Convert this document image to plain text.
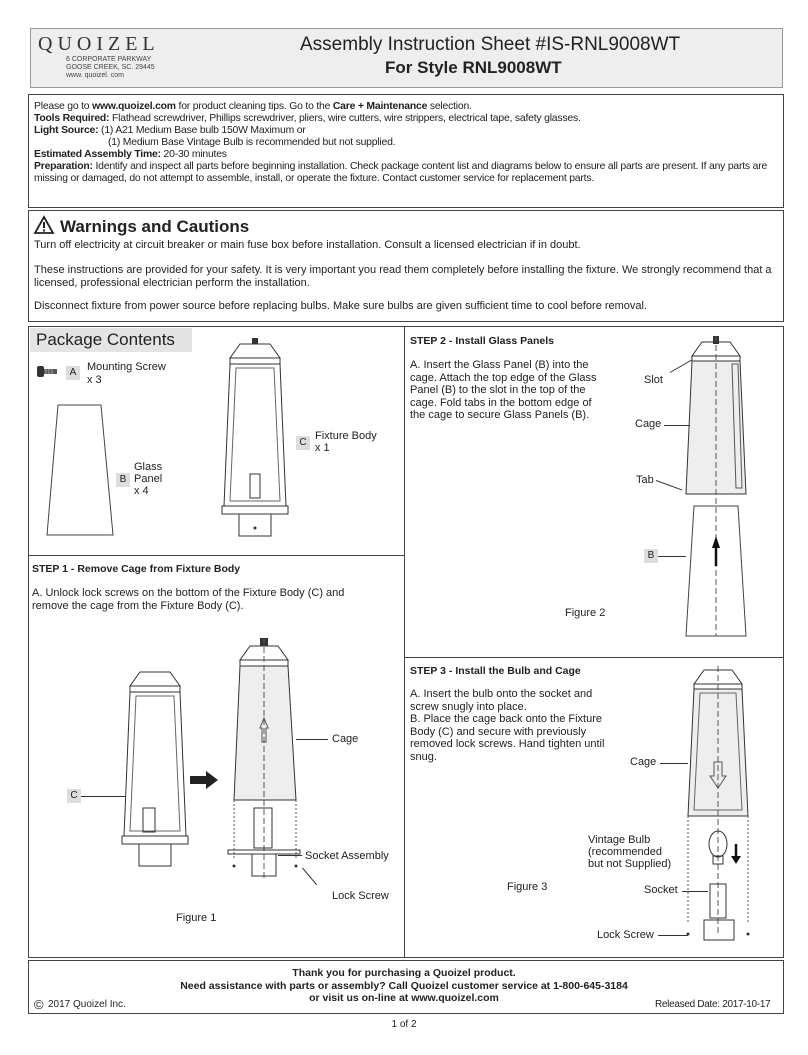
QUOIZEL
6 CORPORATE PARKWAY
GOOSE CREEK, SC. 29445
www. quoizel. com
Assembly Instruction Sheet #IS-RNL9008WT
For Style RNL9008WT
Please go to www.quoizel.com for product cleaning tips. Go to the Care + Maintenance selection.
Tools Required: Flathead screwdriver, Phillips screwdriver, pliers, wire cutters, wire strippers, electrical tape, safety glasses.
Light Source: (1) A21 Medium Base bulb 150W Maximum or
(1) Medium Base Vintage Bulb is recommended but not supplied.
Estimated Assembly Time: 20-30 minutes
Preparation: Identify and inspect all parts before beginning installation. Check package content list and diagrams below to ensure all parts are present. If any parts are missing or damaged, do not attempt to assemble, install, or operate the fixture. Contact customer service for replacement parts.
Warnings and Cautions
Turn off electricity at circuit breaker or main fuse box before installation. Consult a licensed electrician if in doubt.
These instructions are provided for your safety. It is very important you read them completely before installing the fixture. We strongly recommend that a licensed, professional electrician perform the installation.
Disconnect fixture from power source before replacing bulbs. Make sure bulbs are given sufficient time to cool before removal.
Package Contents
A Mounting Screw
x 3
B
Glass
Panel
x 4
C
Fixture Body
x 1
STEP 1 - Remove Cage from Fixture Body
A. Unlock lock screws on the bottom of the Fixture Body (C) and remove the cage from the Fixture Body (C).
C
Cage
Socket Assembly
Lock Screw
Figure 1
STEP 2 - Install Glass Panels
A. Insert the Glass Panel (B) into the cage. Attach the top edge of the Glass Panel (B) to the slot in the top of the cage. Fold tabs in the bottom edge of the cage to secure Glass Panels (B).
Slot
Cage
Tab
B
Figure 2
STEP 3 - Install the Bulb and Cage
A. Insert the bulb onto the socket and screw snugly into place.
B. Place the cage back onto the Fixture Body (C) and secure with previously removed lock screws. Hand tighten until snug.	Cage
Vintage Bulb
(recommended
but not Supplied)
Socket
Lock Screw
Figure 3
Thank you for purchasing a Quoizel product.
Need assistance with parts or assembly? Call Quoizel customer service at 1-800-645-3184
or visit us on-line at www.quoizel.com
© 2017 Quoizel Inc.	Released Date: 2017-10-17
1 of 2
